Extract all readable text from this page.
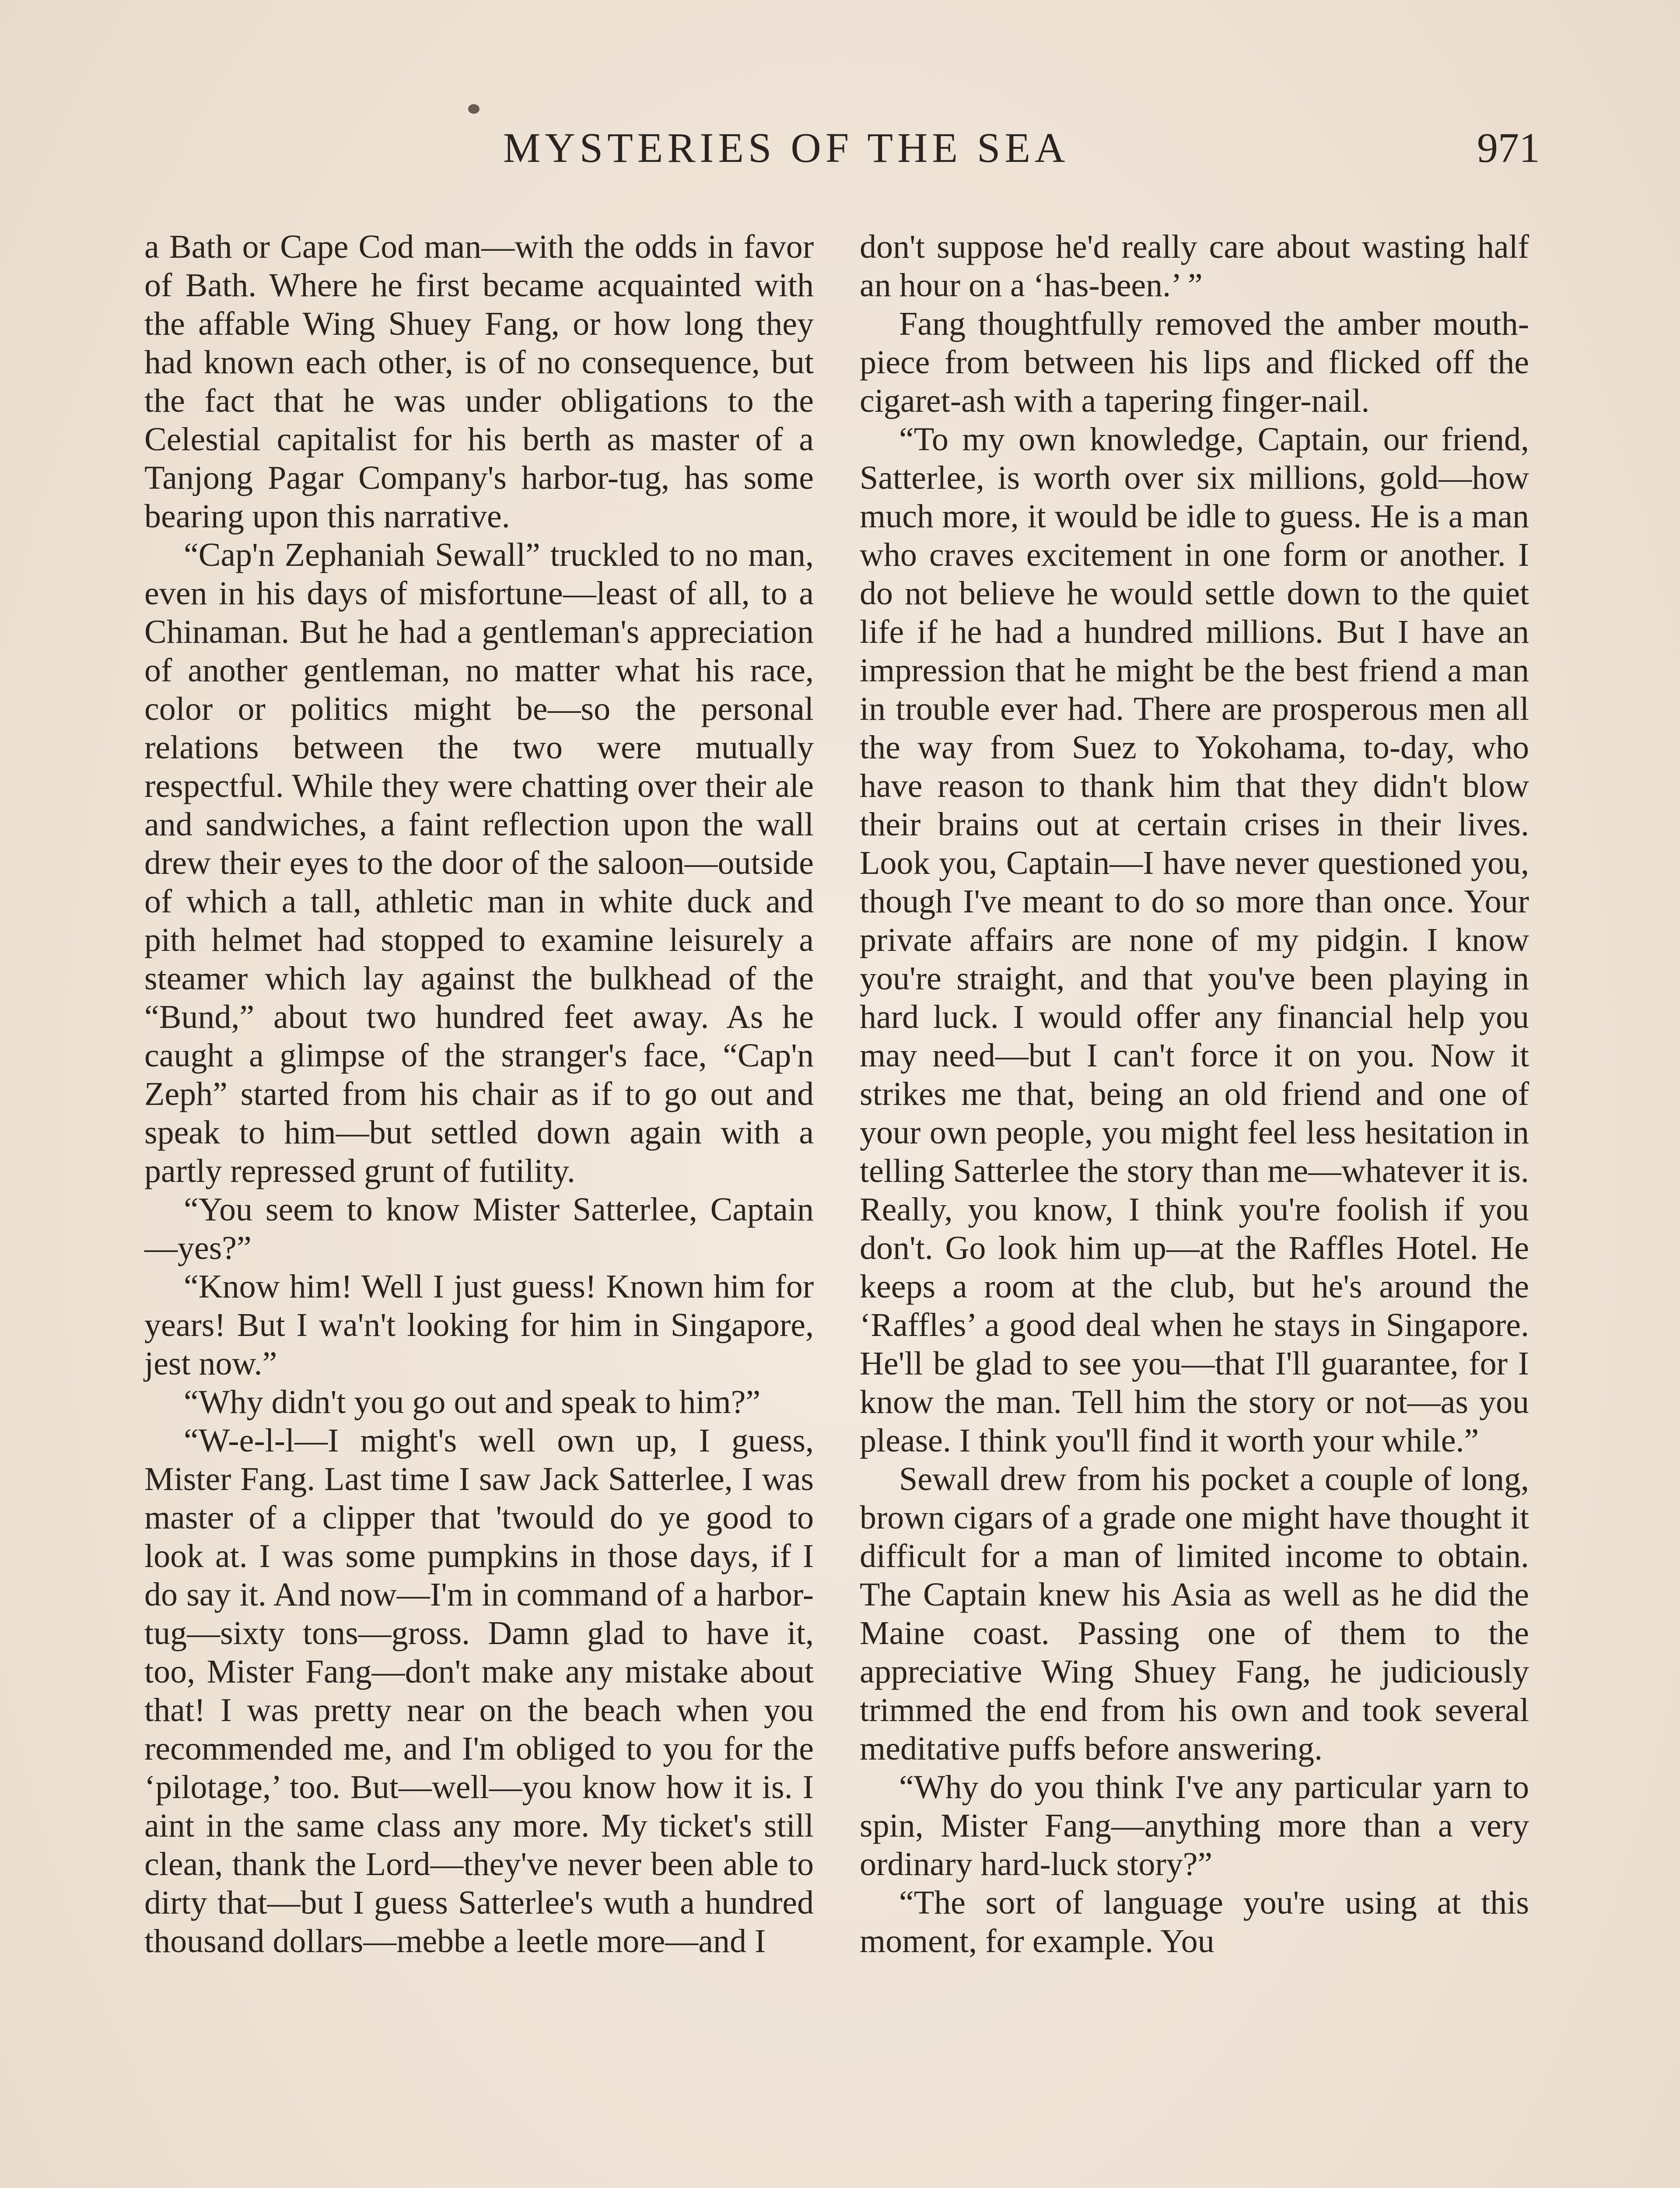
MYSTERIES OF THE SEA	971

a Bath or Cape Cod man—with the odds in favor of Bath. Where he first became acquainted with the affable Wing Shuey Fang, or how long they had known each other, is of no consequence, but the fact that he was under obligations to the Celestial capitalist for his berth as master of a Tanjong Pagar Company's harbor-tug, has some bearing upon this narrative.

“Cap'n Zephaniah Sewall” truckled to no man, even in his days of misfortune—least of all, to a Chinaman. But he had a gentleman's appreciation of another gentleman, no matter what his race, color or politics might be—so the personal relations between the two were mutually respectful. While they were chatting over their ale and sandwiches, a faint reflection upon the wall drew their eyes to the door of the saloon—outside of which a tall, athletic man in white duck and pith helmet had stopped to examine leisurely a steamer which lay against the bulkhead of the “Bund,” about two hundred feet away. As he caught a glimpse of the stranger's face, “Cap'n Zeph” started from his chair as if to go out and speak to him—but settled down again with a partly repressed grunt of futility.

“You seem to know Mister Satterlee, Captain—yes?”

“Know him! Well I just guess! Known him for years! But I wa'n't looking for him in Singapore, jest now.”

“Why didn't you go out and speak to him?”

“W-e-l-l—I might's well own up, I guess, Mister Fang. Last time I saw Jack Satterlee, I was master of a clipper that 'twould do ye good to look at. I was some pumpkins in those days, if I do say it. And now—I'm in command of a harbor-tug—sixty tons—gross. Damn glad to have it, too, Mister Fang—don't make any mistake about that! I was pretty near on the beach when you recommended me, and I'm obliged to you for the ‘pilotage,’ too. But—well—you know how it is. I aint in the same class any more. My ticket's still clean, thank the Lord—they've never been able to dirty that—but I guess Satterlee's wuth a hundred thousand dollars—mebbe a leetle more—and I

don't suppose he'd really care about wasting half an hour on a ‘has-been.’ ”

Fang thoughtfully removed the amber mouth-piece from between his lips and flicked off the cigaret-ash with a tapering finger-nail.

“To my own knowledge, Captain, our friend, Satterlee, is worth over six millions, gold—how much more, it would be idle to guess. He is a man who craves excitement in one form or another. I do not believe he would settle down to the quiet life if he had a hundred millions. But I have an impression that he might be the best friend a man in trouble ever had. There are prosperous men all the way from Suez to Yokohama, to-day, who have reason to thank him that they didn't blow their brains out at certain crises in their lives. Look you, Captain—I have never questioned you, though I've meant to do so more than once. Your private affairs are none of my pidgin. I know you're straight, and that you've been playing in hard luck. I would offer any financial help you may need—but I can't force it on you. Now it strikes me that, being an old friend and one of your own people, you might feel less hesitation in telling Satterlee the story than me—whatever it is. Really, you know, I think you're foolish if you don't. Go look him up—at the Raffles Hotel. He keeps a room at the club, but he's around the ‘Raffles’ a good deal when he stays in Singapore. He'll be glad to see you—that I'll guarantee, for I know the man. Tell him the story or not—as you please. I think you'll find it worth your while.”

Sewall drew from his pocket a couple of long, brown cigars of a grade one might have thought it difficult for a man of limited income to obtain. The Captain knew his Asia as well as he did the Maine coast. Passing one of them to the appreciative Wing Shuey Fang, he judiciously trimmed the end from his own and took several meditative puffs before answering.

“Why do you think I've any particular yarn to spin, Mister Fang—anything more than a very ordinary hard-luck story?”

“The sort of language you're using at this moment, for example. You
